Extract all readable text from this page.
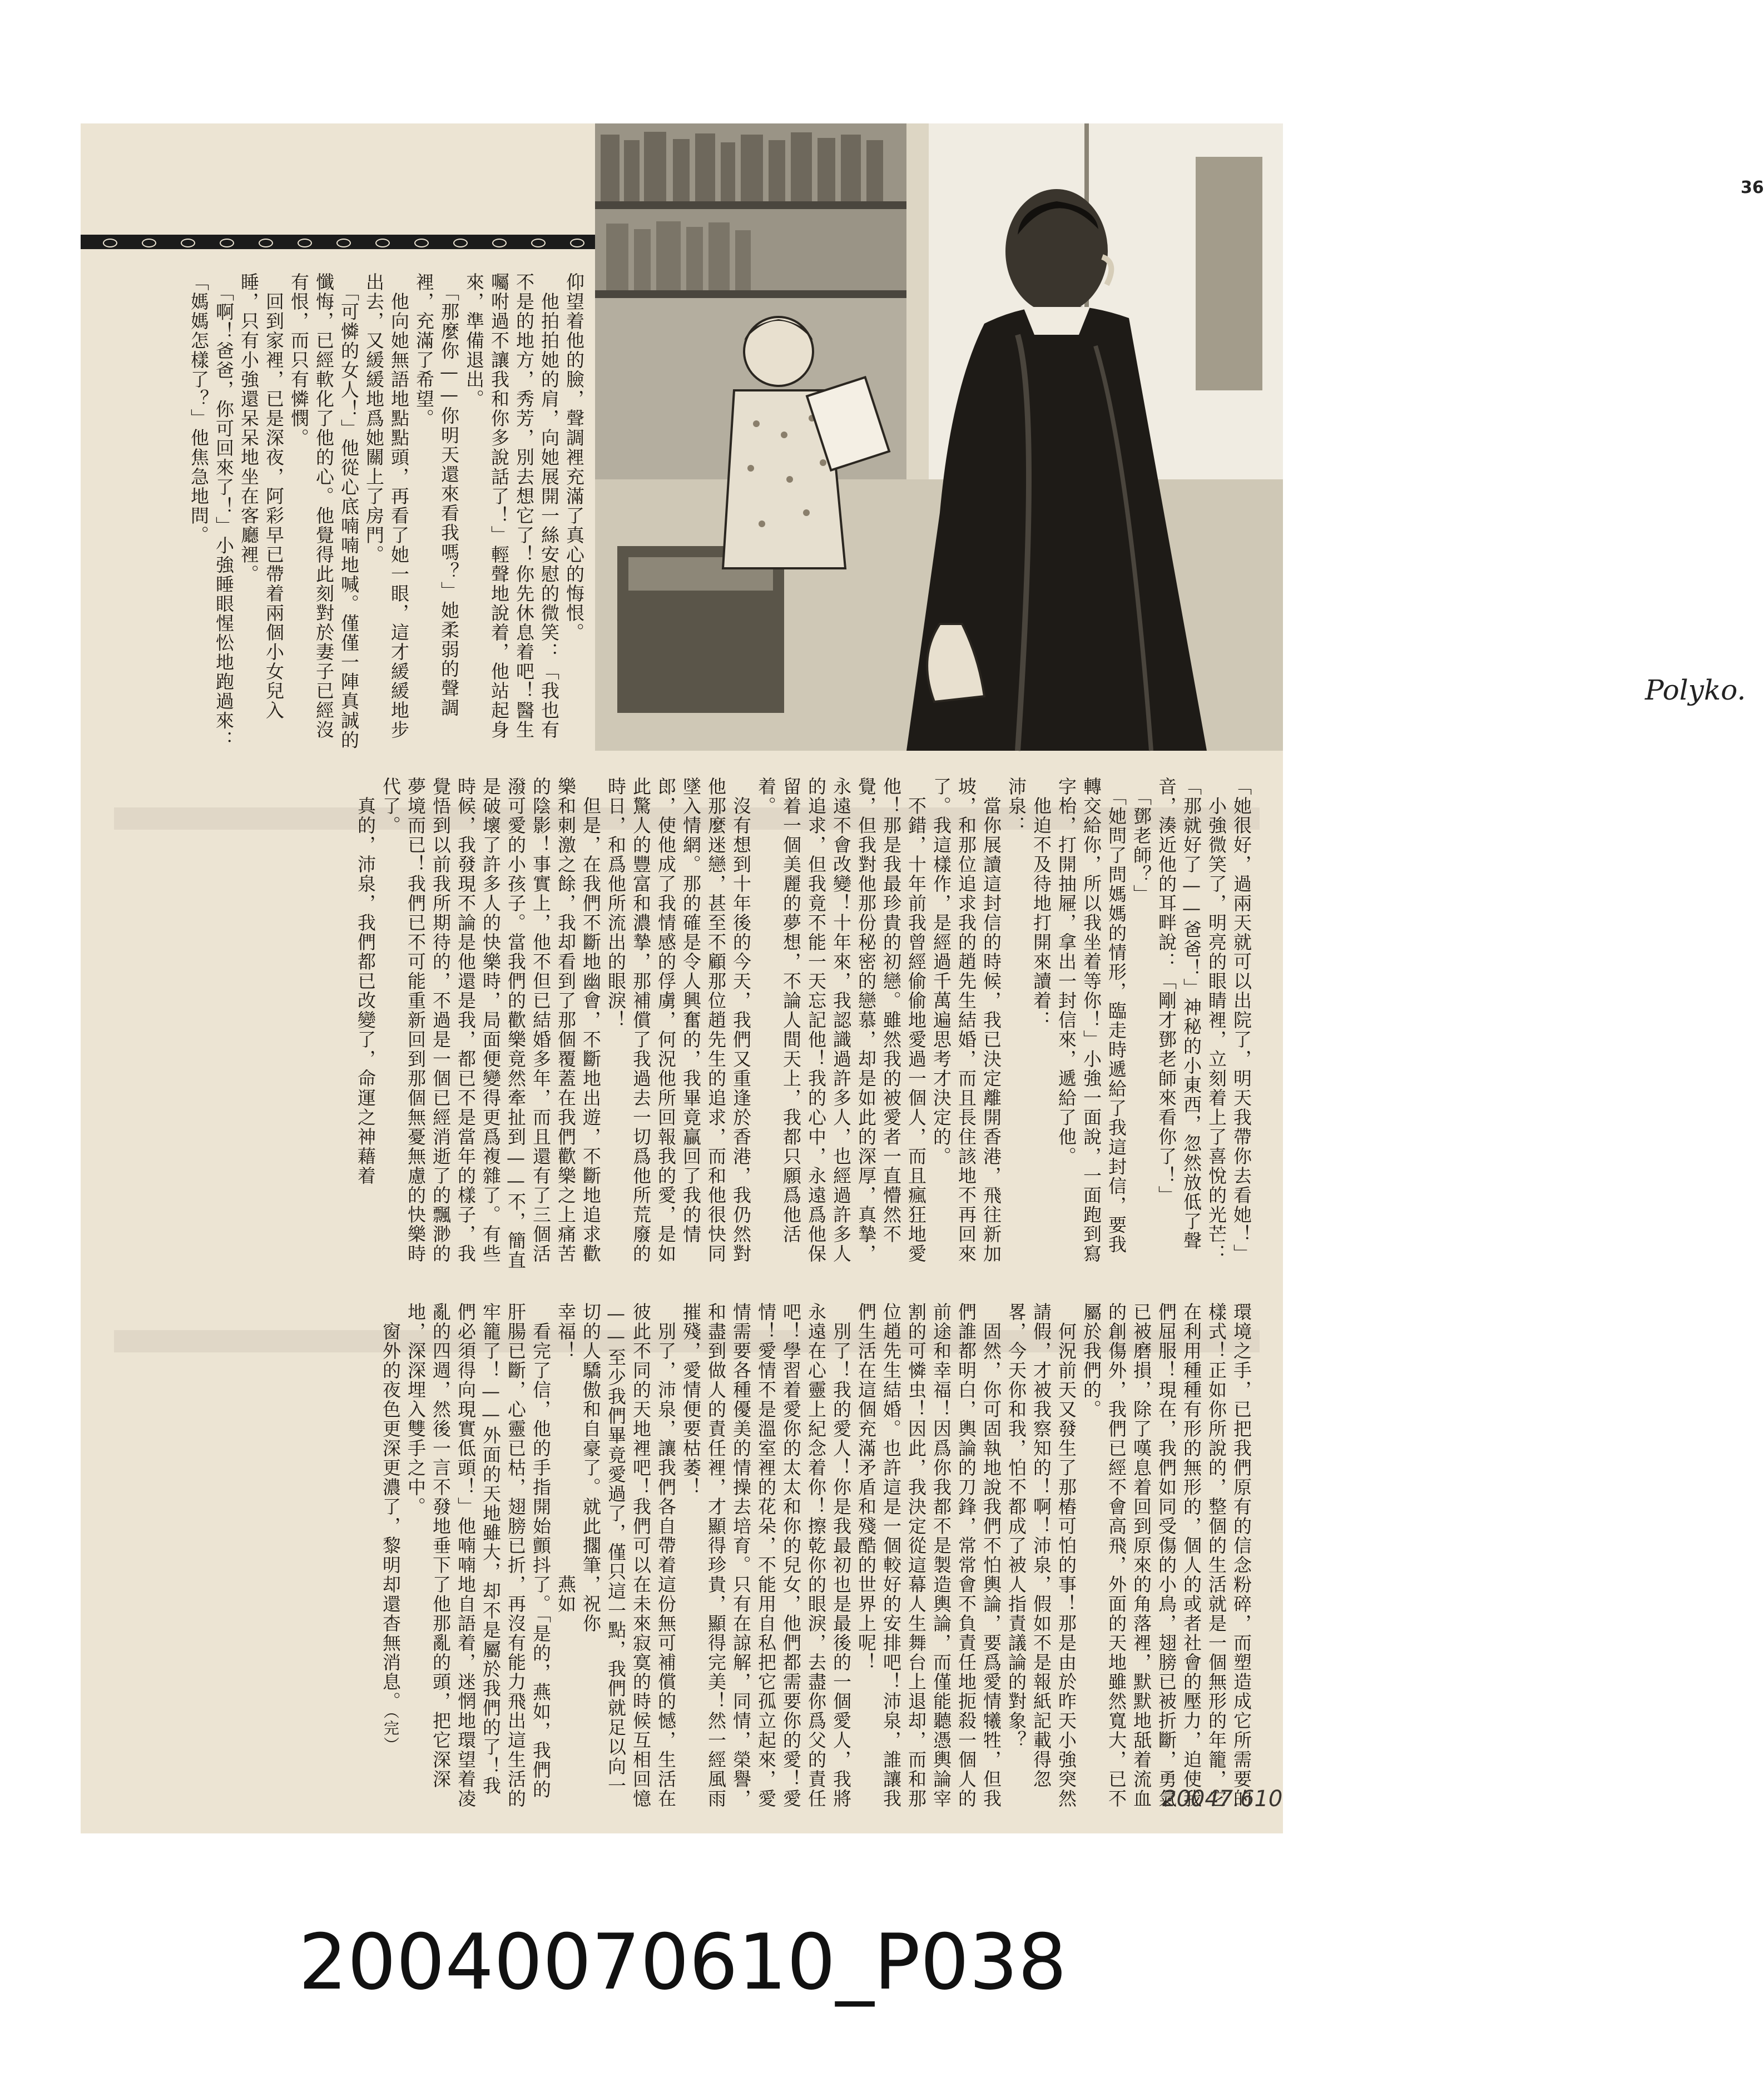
36
Polyko.
仰望着他的臉，聲調裡充滿了真心的悔恨。
　他拍拍她的肩，向她展開一絲安慰的微笑：「我也有不是的地方，秀芳，別去想它了！你先休息着吧！醫生囑咐過不讓我和你多說話了！」輕聲地說着，他站起身來，準備退出。
　「那麼你——你明天還來看我嗎？」她柔弱的聲調裡，充滿了希望。
　他向她無語地點點頭，再看了她一眼，這才緩緩地步出去，又緩緩地爲她關上了房門。
　「可憐的女人！」他從心底喃喃地喊。僅僅一陣真誠的懺悔，已經軟化了他的心。他覺得此刻對於妻子已經沒有恨，而只有憐憫。
　回到家裡，已是深夜，阿彩早已帶着兩個小女兒入睡，只有小強還呆呆地坐在客廳裡。
　「啊！爸爸，你可回來了！」小強睡眼惺忪地跑過來：「媽媽怎樣了？」他焦急地問。
「她很好，過兩天就可以出院了，明天我帶你去看她！」
　小強微笑了，明亮的眼睛裡，立刻着上了喜悅的光芒：「那就好了——爸爸！」神秘的小東西，忽然放低了聲音，湊近他的耳畔說：「剛才鄧老師來看你了！」
　「鄧老師？」
　「她問了問媽媽的情形，臨走時遞給了我這封信，要我轉交給你，所以我坐着等你！」小強一面說，一面跑到寫字枱，打開抽屜，拿出一封信來，遞給了他。
　他迫不及待地打開來讀着：
沛泉：
　當你展讀這封信的時候，我已決定離開香港，飛往新加坡，和那位追求我的趙先生結婚，而且長住該地不再回來了。我這樣作，是經過千萬遍思考才決定的。
　不錯，十年前我曾經偷偷地愛過一個人，而且瘋狂地愛他！那是我最珍貴的初戀。雖然我的被愛者一直懵然不覺，但我對他那份秘密的戀慕，却是如此的深厚，真摯，永遠不會改變！十年來，我認識過許多人，也經過許多人的追求，但我竟不能一天忘記他！我的心中，永遠爲他保留着一個美麗的夢想，不論人間天上，我都只願爲他活着。
　沒有想到十年後的今天，我們又重逢於香港，我仍然對他那麼迷戀，甚至不顧那位趙先生的追求，而和他很快同墜入情網。那的確是令人興奮的，我畢竟贏回了我的情郎，使他成了我情感的俘虜，何況他所回報我的愛，是如此驚人的豐富和濃摯，那補償了我過去一切爲他所荒廢的時日，和爲他所流出的眼淚！
　但是，在我們不斷地幽會，不斷地出遊，不斷地追求歡樂和刺激之餘，我却看到了那個覆蓋在我們歡樂之上痛苦的陰影！事實上，他不但已結婚多年，而且還有了三個活潑可愛的小孩子。當我們的歡樂竟然牽扯到——不，簡直是破壞了許多人的快樂時，局面便變得更爲複雜了。有些時候，我發現不論是他還是我，都已不是當年的樣子，我覺悟到以前我所期待的，不過是一個已經消逝了的飄渺的夢境而已！我們已不可能重新回到那個無憂無慮的快樂時代了。
　真的，沛泉，我們都已改變了，命運之神藉着
環境之手，已把我們原有的信念粉碎，而塑造成它所需要的樣式！正如你所說的，整個的生活就是一個無形的年籠，它在利用種種有形的無形的，個人的或者社會的壓力，迫使我們屈服！現在，我們如同受傷的小鳥，翅膀已被折斷，勇氣已被磨損，除了嘆息着回到原來的角落裡，默默地舐着流血的創傷外，我們已經不會高飛，外面的天地雖然寬大，已不屬於我們的。
　何況前天又發生了那樁可怕的事！那是由於昨天小強突然請假，才被我察知的！啊！沛泉，假如不是報紙記載得忽畧，今天你和我，怕不都成了被人指責議論的對象？
　固然，你可固執地說我們不怕輿論，要爲愛情犧牲，但我們誰都明白，輿論的刀鋒，常常會不負責任地扼殺一個人的前途和幸福！因爲你我都不是製造輿論，而僅能聽憑輿論宰割的可憐虫！因此，我決定從這幕人生舞台上退却，而和那位趙先生結婚。也許這是一個較好的安排吧！沛泉，誰讓我們生活在這個充滿矛盾和殘酷的世界上呢！
　別了！我的愛人！你是我最初也是最後的一個愛人，我將永遠在心靈上紀念着你！擦乾你的眼淚，去盡你爲父的責任吧！學習着愛你的太太和你的兒女，他們都需要你的愛！愛情！愛情不是溫室裡的花朵，不能用自私把它孤立起來，愛情需要各種優美的情操去培育。只有在諒解，同情，榮譽，和盡到做人的責任裡，才顯得珍貴，顯得完美！然一經風雨摧殘，愛情便要枯萎！
　別了，沛泉，讓我們各自帶着這份無可補償的憾，生活在彼此不同的天地裡吧！我們可以在未來寂寞的時候互相回憶——至少我們畢竟愛過了，僅只這一點，我們就足以向一切的人驕傲和自豪了。就此擱筆，祝你
幸福！　　　　　　　　　　　燕如
　看完了信，他的手指開始顫抖了。「是的，燕如，我們的肝腸已斷，心靈已枯，翅膀已折，再沒有能力飛出這生活的牢籠了！——外面的天地雖大，却不是屬於我們的了！我們必須得向現實低頭！」他喃喃地自語着，迷惘地環望着凌亂的四週，然後一言不發地垂下了他那亂的頭，把它深深地，深深埋入雙手之中。
　窗外的夜色更深更濃了，黎明却還杳無消息。（完）
20047.610
20040070610_P038
